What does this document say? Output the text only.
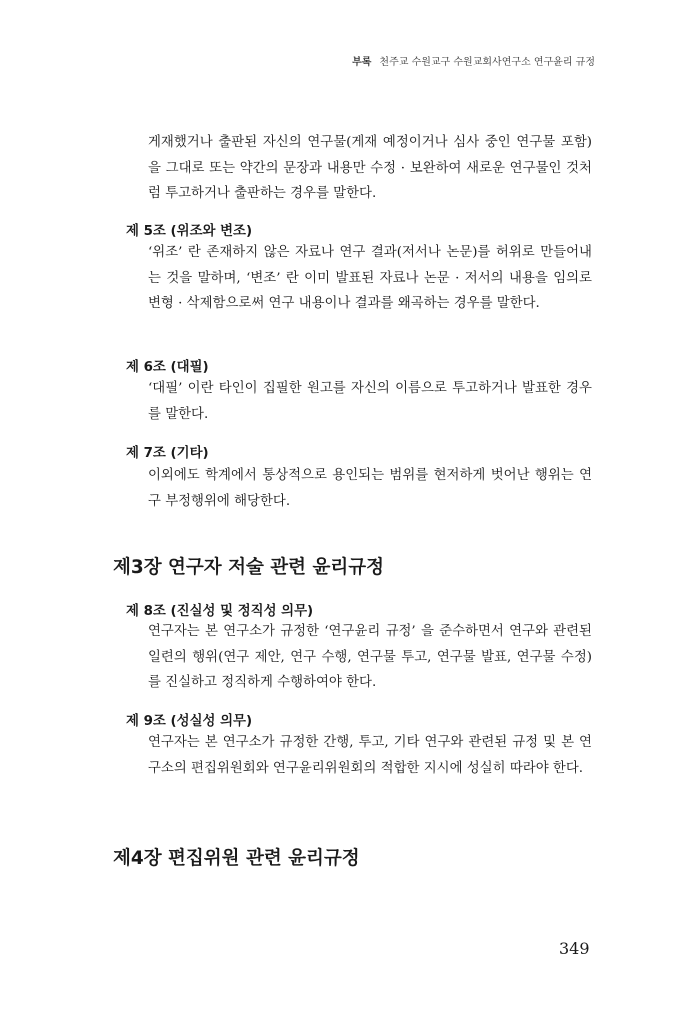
부록 천주교 수원교구 수원교회사연구소 연구윤리 규정

게재했거나 출판된 자신의 연구물(게재 예정이거나 심사 중인 연구물 포함)을 그대로 또는 약간의 문장과 내용만 수정 · 보완하여 새로운 연구물인 것처럼 투고하거나 출판하는 경우를 말한다.

제 5조 (위조와 변조)

‘위조’ 란 존재하지 않은 자료나 연구 결과(저서나 논문)를 허위로 만들어내는 것을 말하며, ‘변조’ 란 이미 발표된 자료나 논문 · 저서의 내용을 임의로 변형 · 삭제함으로써 연구 내용이나 결과를 왜곡하는 경우를 말한다.

제 6조 (대필)

‘대필’ 이란 타인이 집필한 원고를 자신의 이름으로 투고하거나 발표한 경우를 말한다.

제 7조 (기타)

이외에도 학계에서 통상적으로 용인되는 범위를 현저하게 벗어난 행위는 연구 부정행위에 해당한다.

제3장 연구자 저술 관련 윤리규정
제 8조 (진실성 및 정직성 의무)

연구자는 본 연구소가 규정한 ‘연구윤리 규정’ 을 준수하면서 연구와 관련된 일련의 행위(연구 제안, 연구 수행, 연구물 투고, 연구물 발표, 연구물 수정)를 진실하고 정직하게 수행하여야 한다.

제 9조 (성실성 의무)

연구자는 본 연구소가 규정한 간행, 투고, 기타 연구와 관련된 규정 및 본 연구소의 편집위원회와 연구윤리위원회의 적합한 지시에 성실히 따라야 한다.

제4장 편집위원 관련 윤리규정
349
